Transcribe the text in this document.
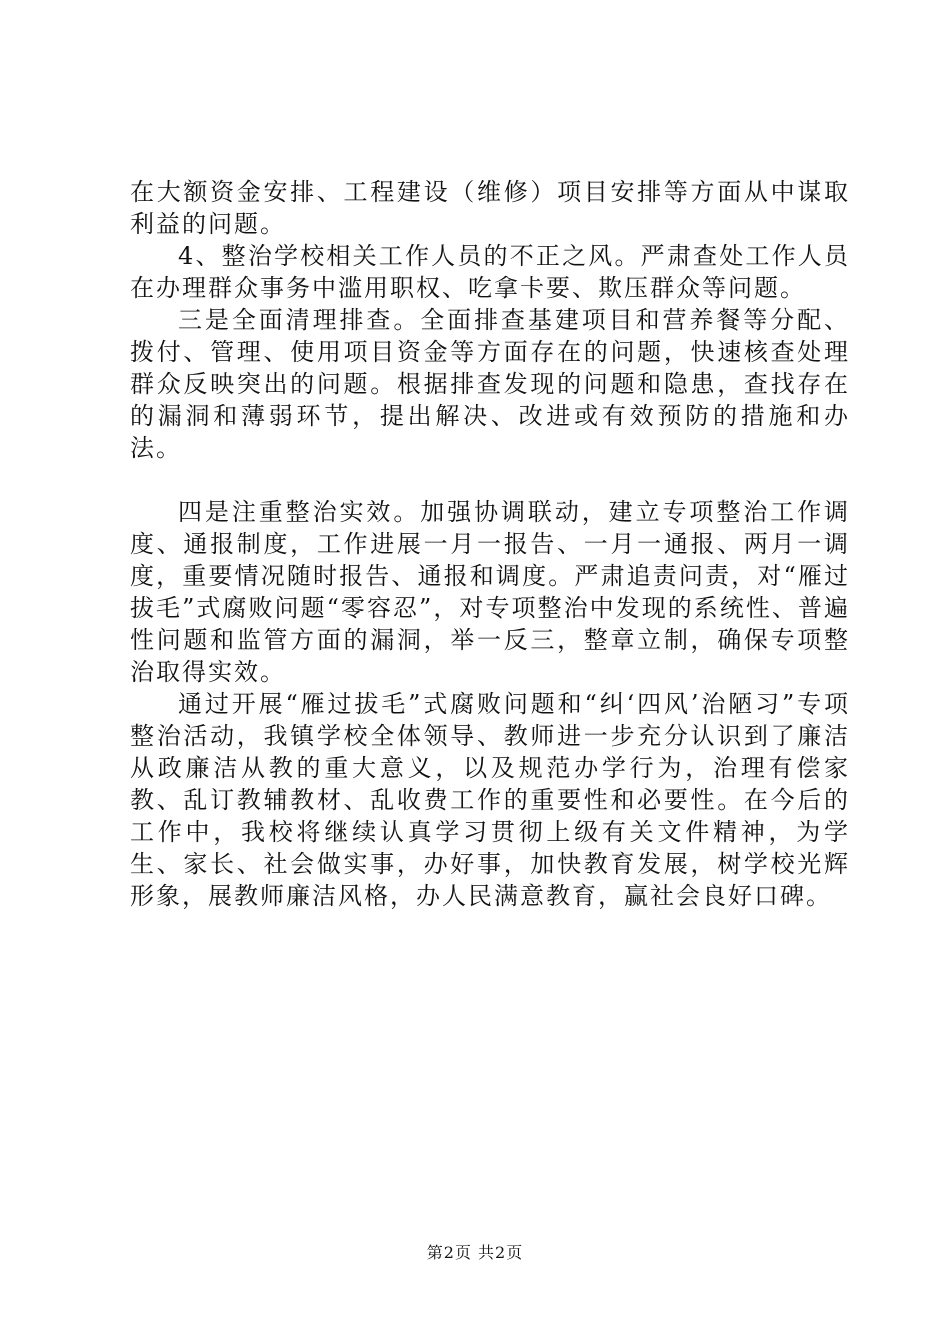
在大额资金安排、工程建设（维修）项目安排等方面从中谋取利益的问题。

4、整治学校相关工作人员的不正之风。严肃查处工作人员在办理群众事务中滥用职权、吃拿卡要、欺压群众等问题。

三是全面清理排查。全面排查基建项目和营养餐等分配、拨付、管理、使用项目资金等方面存在的问题，快速核查处理群众反映突出的问题。根据排查发现的问题和隐患，查找存在的漏洞和薄弱环节，提出解决、改进或有效预防的措施和办法。

四是注重整治实效。加强协调联动，建立专项整治工作调度、通报制度，工作进展一月一报告、一月一通报、两月一调度，重要情况随时报告、通报和调度。严肃追责问责，对“雁过拔毛”式腐败问题“零容忍”，对专项整治中发现的系统性、普遍性问题和监管方面的漏洞，举一反三，整章立制，确保专项整治取得实效。

通过开展“雁过拔毛”式腐败问题和“纠‘四风’治陋习”专项整治活动，我镇学校全体领导、教师进一步充分认识到了廉洁从政廉洁从教的重大意义，以及规范办学行为，治理有偿家教、乱订教辅教材、乱收费工作的重要性和必要性。在今后的工作中，我校将继续认真学习贯彻上级有关文件精神，为学生、家长、社会做实事，办好事，加快教育发展，树学校光辉形象，展教师廉洁风格，办人民满意教育，赢社会良好口碑。

第2页 共2页
